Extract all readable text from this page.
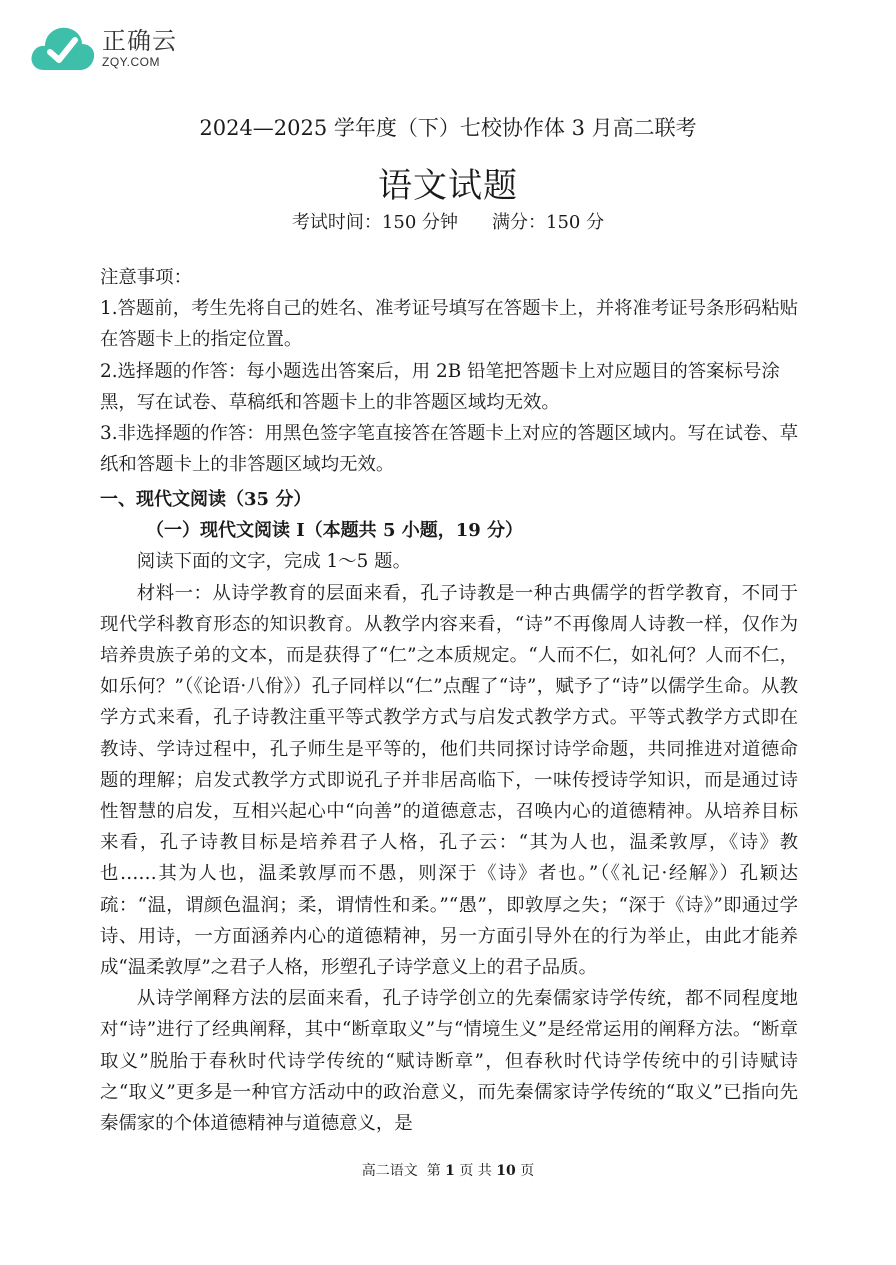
正确云
ZQY.COM
2024—2025 学年度（下）七校协作体 3 月高二联考
语文试题
考试时间：150 分钟 满分：150 分

注意事项：

1.答题前，考生先将自己的姓名、准考证号填写在答题卡上，并将准考证号条形码粘贴在答题卡上的指定位置。

2.选择题的作答：每小题选出答案后，用 2B 铅笔把答题卡上对应题目的答案标号涂黑，写在试卷、草稿纸和答题卡上的非答题区域均无效。

3.非选择题的作答：用黑色签字笔直接答在答题卡上对应的答题区域内。写在试卷、草纸和答题卡上的非答题区域均无效。

一、现代文阅读（35 分）

（一）现代文阅读 I（本题共 5 小题，19 分）

阅读下面的文字，完成 1～5 题。

材料一：从诗学教育的层面来看，孔子诗教是一种古典儒学的哲学教育，不同于现代学科教育形态的知识教育。从教学内容来看，“诗”不再像周人诗教一样，仅作为培养贵族子弟的文本，而是获得了“仁”之本质规定。“人而不仁，如礼何？人而不仁，如乐何？”（《论语·八佾》）孔子同样以“仁”点醒了“诗”，赋予了“诗”以儒学生命。从教学方式来看，孔子诗教注重平等式教学方式与启发式教学方式。平等式教学方式即在教诗、学诗过程中，孔子师生是平等的，他们共同探讨诗学命题，共同推进对道德命题的理解；启发式教学方式即说孔子并非居高临下，一味传授诗学知识，而是通过诗性智慧的启发，互相兴起心中“向善”的道德意志，召唤内心的道德精神。从培养目标来看，孔子诗教目标是培养君子人格，孔子云：“其为人也，温柔敦厚，《诗》教也……其为人也，温柔敦厚而不愚，则深于《诗》者也。”（《礼记·经解》）孔颖达疏：“温，谓颜色温润；柔，谓情性和柔。”“愚”，即敦厚之失；“深于《诗》”即通过学诗、用诗，一方面涵养内心的道德精神，另一方面引导外在的行为举止，由此才能养成“温柔敦厚”之君子人格，形塑孔子诗学意义上的君子品质。

从诗学阐释方法的层面来看，孔子诗学创立的先秦儒家诗学传统，都不同程度地对“诗”进行了经典阐释，其中“断章取义”与“情境生义”是经常运用的阐释方法。“断章取义”脱胎于春秋时代诗学传统的“赋诗断章”，但春秋时代诗学传统中的引诗赋诗之“取义”更多是一种官方活动中的政治意义，而先秦儒家诗学传统的“取义”已指向先秦儒家的个体道德精神与道德意义，是

高二语文 第 1 页 共 10 页
